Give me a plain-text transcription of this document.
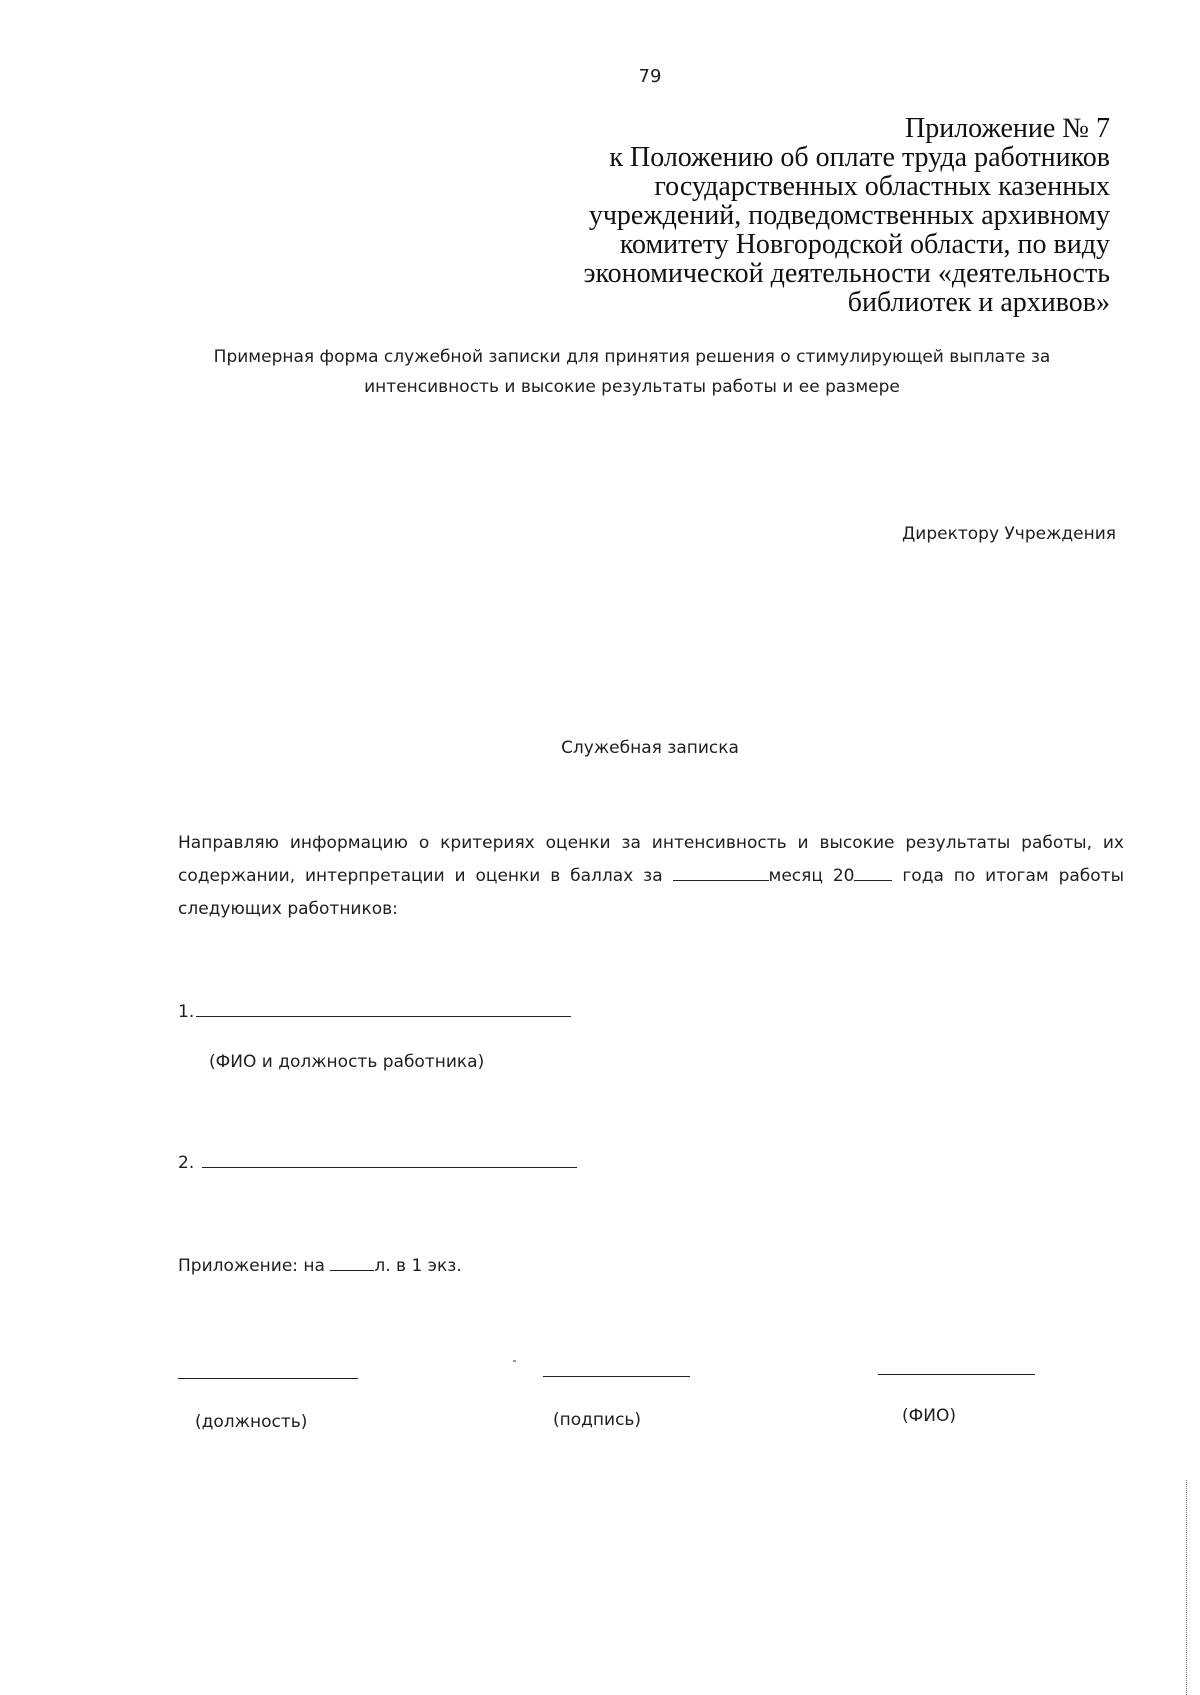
79
Приложение № 7
к Положению об оплате труда работников
государственных областных казенных
учреждений, подведомственных архивному
комитету Новгородской области, по виду
экономической деятельности «деятельность
библиотек и архивов»
Примерная форма служебной записки для принятия решения о стимулирующей выплате за
интенсивность и высокие результаты работы и ее размере
Директору Учреждения
Служебная записка
Направляю информацию о критериях оценки за интенсивность и высокие результаты работы, их содержании, интерпретации и оценки в баллах за	месяц 20 года по итогам работы следующих работников:
1.
(ФИО и должность работника)
2.
Приложение: на	л. в 1 экз.
(должность)	(подпись)	(ФИО)
